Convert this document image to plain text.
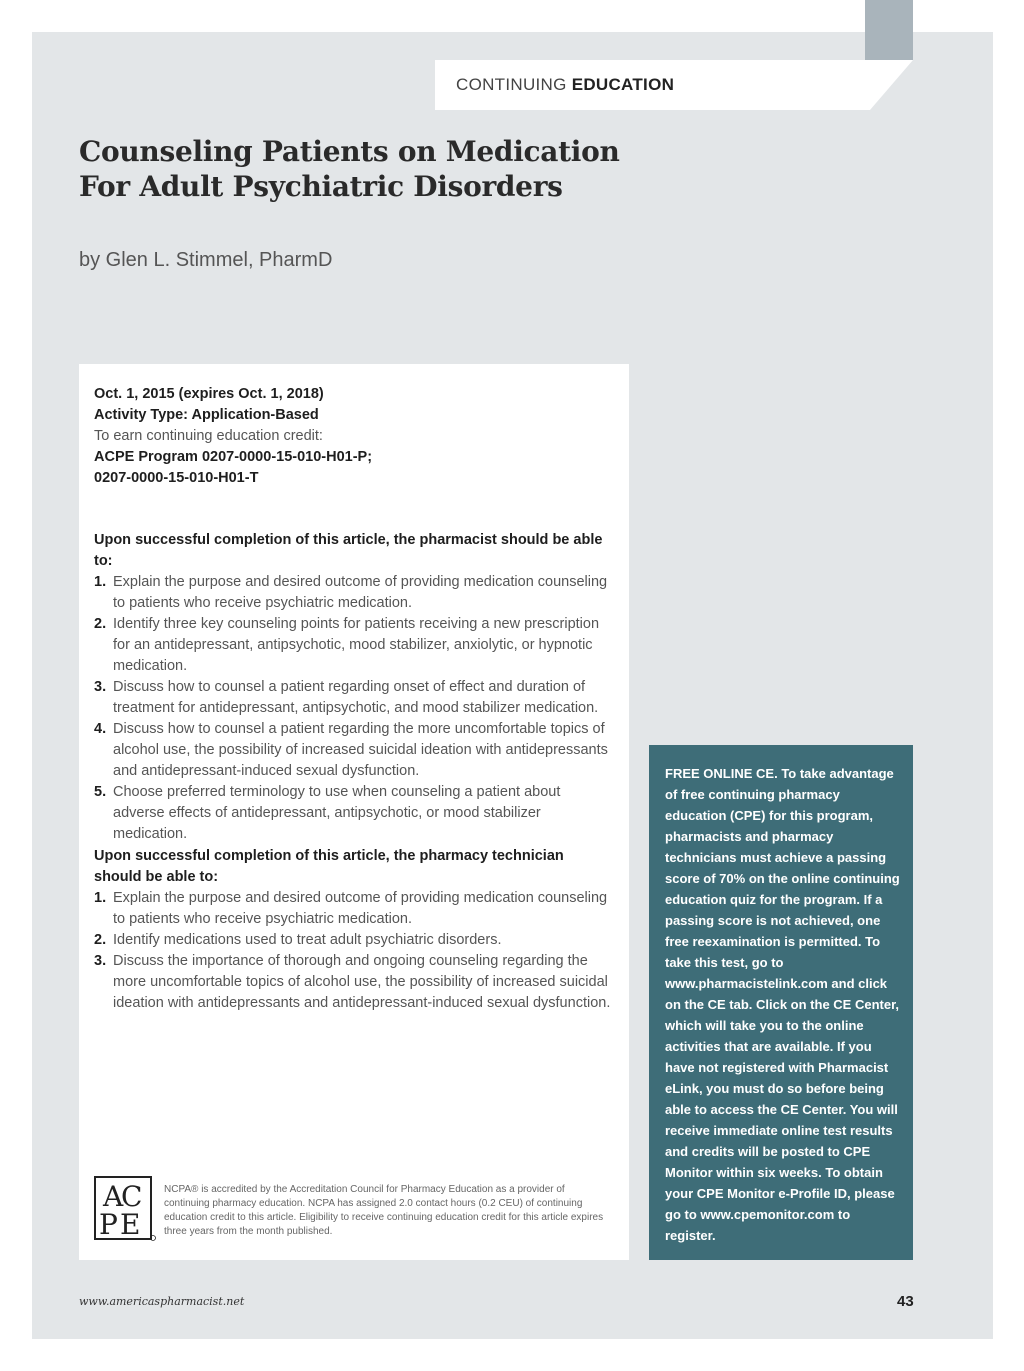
CONTINUING EDUCATION
Counseling Patients on Medication
For Adult Psychiatric Disorders
by Glen L. Stimmel, PharmD
Oct. 1, 2015 (expires Oct. 1, 2018)
Activity Type: Application-Based
To earn continuing education credit:
ACPE Program 0207-0000-15-010-H01-P;
0207-0000-15-010-H01-T
Upon successful completion of this article, the pharmacist should be able to:
1. Explain the purpose and desired outcome of providing medication counseling to patients who receive psychiatric medication.
2. Identify three key counseling points for patients receiving a new prescription for an antidepressant, antipsychotic, mood stabilizer, anxiolytic, or hypnotic medication.
3. Discuss how to counsel a patient regarding onset of effect and duration of treatment for antidepressant, antipsychotic, and mood stabilizer medication.
4. Discuss how to counsel a patient regarding the more uncomfortable topics of alcohol use, the possibility of increased suicidal ideation with antidepressants and antidepressant-induced sexual dysfunction.
5. Choose preferred terminology to use when counseling a patient about adverse effects of antidepressant, antipsychotic, or mood stabilizer medication.
Upon successful completion of this article, the pharmacy technician should be able to:
1. Explain the purpose and desired outcome of providing medication counseling to patients who receive psychiatric medication.
2. Identify medications used to treat adult psychiatric disorders.
3. Discuss the importance of thorough and ongoing counseling regarding the more uncomfortable topics of alcohol use, the possibility of increased suicidal ideation with antidepressants and antidepressant-induced sexual dysfunction.
A
C
P E
NCPA® is accredited by the Accreditation Council for Pharmacy Education as a provider of continuing pharmacy education. NCPA has assigned 2.0 contact hours (0.2 CEU) of continuing education credit to this article. Eligibility to receive continuing education credit for this article expires three years from the month published.
FREE ONLINE CE. To take advantage of free continuing pharmacy education (CPE) for this program, pharmacists and pharmacy technicians must achieve a passing score of 70% on the online continuing education quiz for the program. If a passing score is not achieved, one free reexamination is permitted. To take this test, go to www.pharmacistelink.com and click on the CE tab. Click on the CE Center, which will take you to the online activities that are available. If you have not registered with Pharmacist eLink, you must do so before being able to access the CE Center. You will receive immediate online test results and credits will be posted to CPE Monitor within six weeks. To obtain your CPE Monitor e-Profile ID, please go to www.cpemonitor.com to register.
www.americaspharmacist.net	43
